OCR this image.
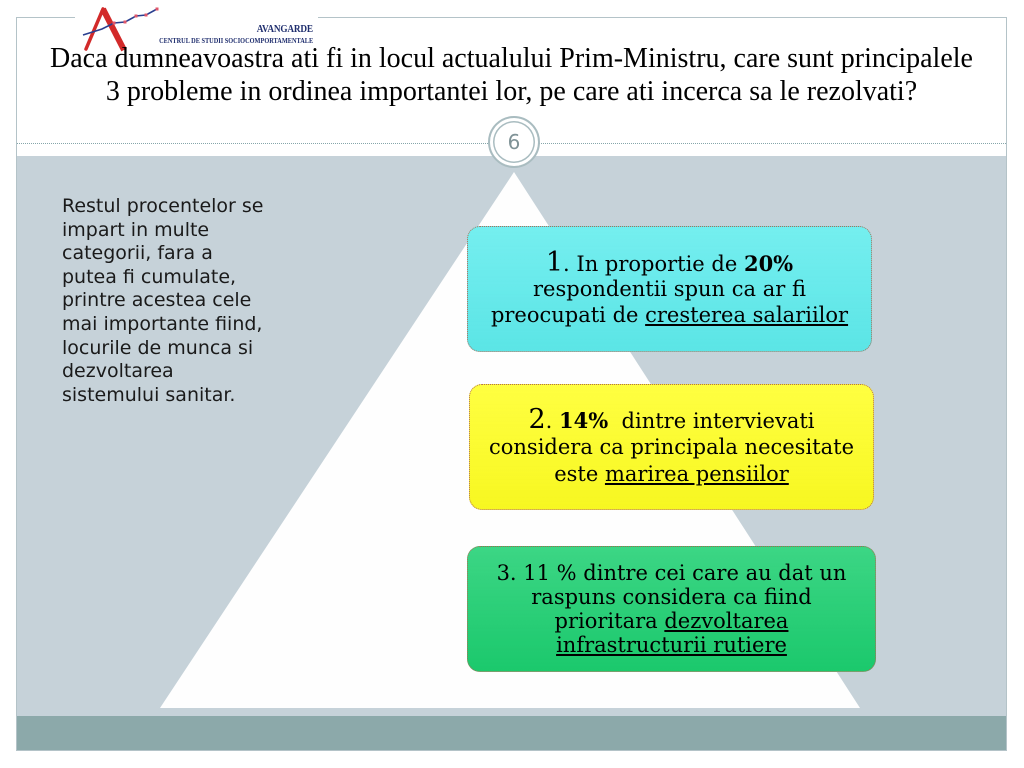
AVANGARDE
CENTRUL DE STUDII SOCIOCOMPORTAMENTALE
Daca dumneavoastra ati fi in locul actualului Prim-Ministru, care sunt principalele
3 probleme in ordinea importantei lor, pe care ati incerca sa le rezolvati?
6
Restul procentelor se
impart in multe
categorii, fara a
putea fi cumulate,
printre acestea cele
mai importante fiind,
locurile de munca si
dezvoltarea
sistemului sanitar.
1. In proportie de 20%
respondentii spun ca ar fi
preocupati de cresterea salariilor
2. 14%  dintre intervievati
considera ca principala necesitate
este marirea pensiilor
3. 11 % dintre cei care au dat un
raspuns considera ca fiind
prioritara dezvoltarea
infrastructurii rutiere
